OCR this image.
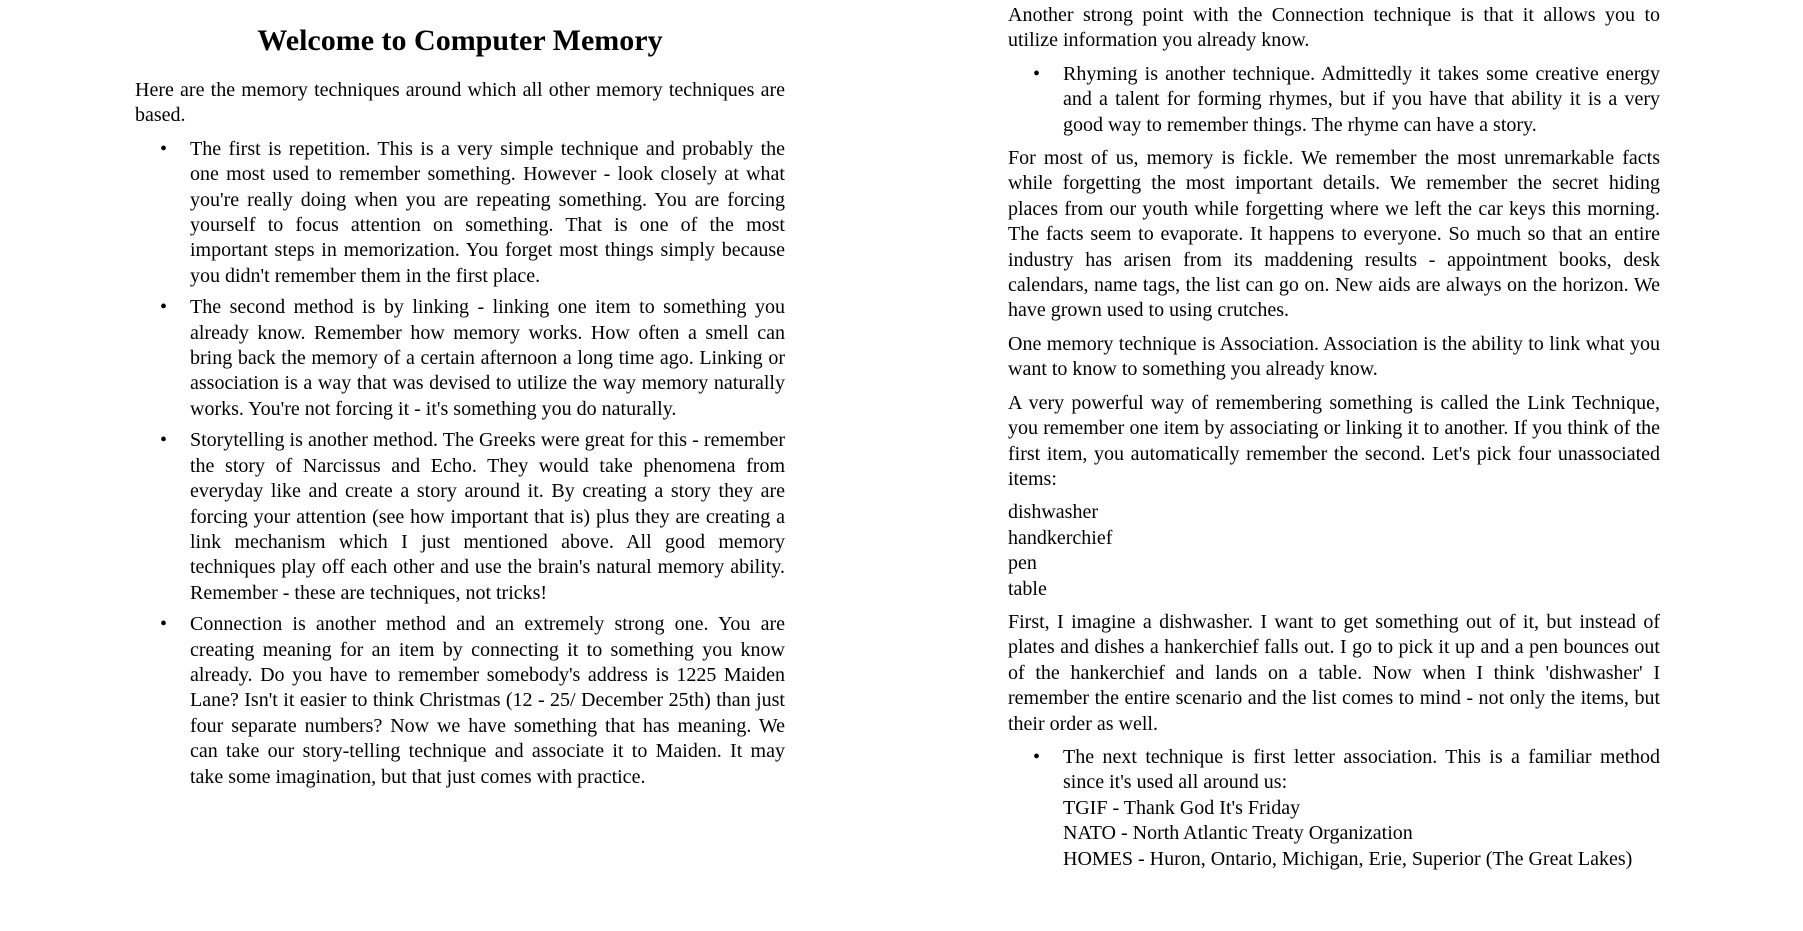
Welcome to Computer Memory

Here are the memory techniques around which all other memory techniques are based.

• The first is repetition. This is a very simple technique and probably the one most used to remember something. However - look closely at what you're really doing when you are repeating something. You are forcing yourself to focus attention on something. That is one of the most important steps in memorization. You forget most things simply because you didn't remember them in the first place.
• The second method is by linking - linking one item to something you already know. Remember how memory works. How often a smell can bring back the memory of a certain afternoon a long time ago. Linking or association is a way that was devised to utilize the way memory naturally works. You're not forcing it - it's something you do naturally.
• Storytelling is another method. The Greeks were great for this - remember the story of Narcissus and Echo. They would take phenomena from everyday like and create a story around it. By creating a story they are forcing your attention (see how important that is) plus they are creating a link mechanism which I just mentioned above. All good memory techniques play off each other and use the brain's natural memory ability. Remember - these are techniques, not tricks!
• Connection is another method and an extremely strong one. You are creating meaning for an item by connecting it to something you know already. Do you have to remember somebody's address is 1225 Maiden Lane? Isn't it easier to think Christmas (12 - 25/ December 25th) than just four separate numbers? Now we have something that has meaning. We can take our story-telling technique and associate it to Maiden. It may take some imagination, but that just comes with practice.

Another strong point with the Connection technique is that it allows you to utilize information you already know.

• Rhyming is another technique. Admittedly it takes some creative energy and a talent for forming rhymes, but if you have that ability it is a very good way to remember things. The rhyme can have a story.

For most of us, memory is fickle. We remember the most unremarkable facts while forgetting the most important details. We remember the secret hiding places from our youth while forgetting where we left the car keys this morning. The facts seem to evaporate. It happens to everyone. So much so that an entire industry has arisen from its maddening results - appointment books, desk calendars, name tags, the list can go on. New aids are always on the horizon. We have grown used to using crutches.

One memory technique is Association. Association is the ability to link what you want to know to something you already know.

A very powerful way of remembering something is called the Link Technique, you remember one item by associating or linking it to another. If you think of the first item, you automatically remember the second. Let's pick four unassociated items:

dishwasher
handkerchief
pen
table

First, I imagine a dishwasher. I want to get something out of it, but instead of plates and dishes a hankerchief falls out. I go to pick it up and a pen bounces out of the hankerchief and lands on a table. Now when I think 'dishwasher' I remember the entire scenario and the list comes to mind - not only the items, but their order as well.

• The next technique is first letter association. This is a familiar method since it's used all around us:
TGIF - Thank God It's Friday
NATO - North Atlantic Treaty Organization
HOMES - Huron, Ontario, Michigan, Erie, Superior (The Great Lakes)
